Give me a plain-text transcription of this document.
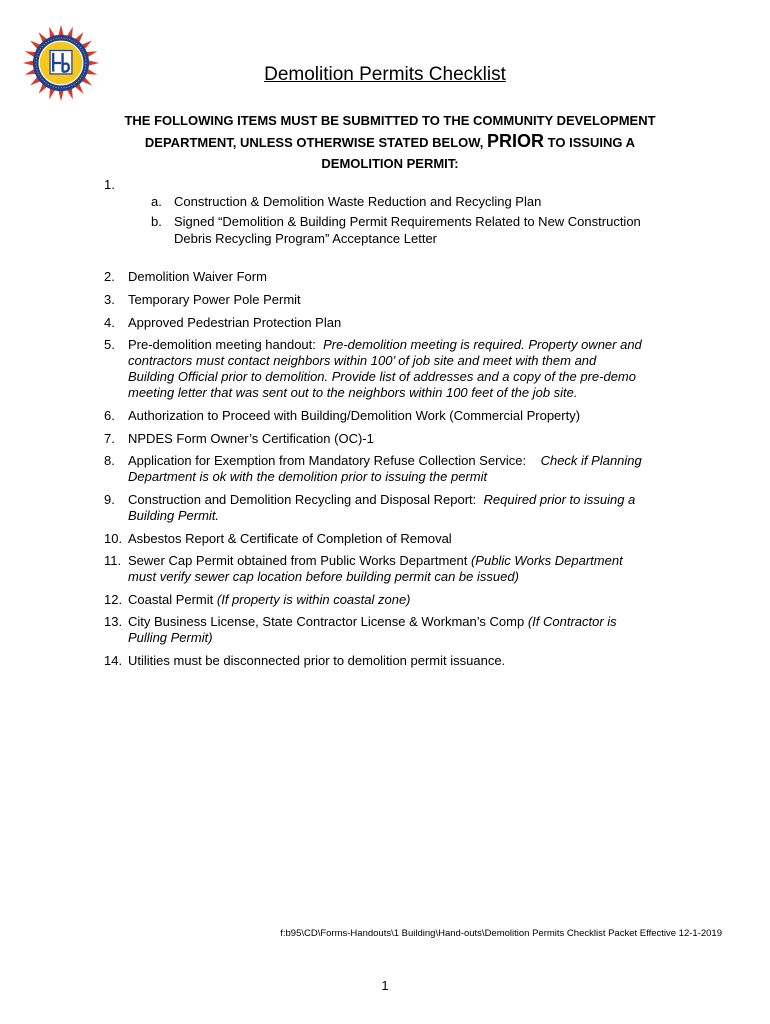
Demolition Permits Checklist
THE FOLLOWING ITEMS MUST BE SUBMITTED TO THE COMMUNITY DEVELOPMENT
DEPARTMENT, UNLESS OTHERWISE STATED BELOW, PRIOR TO ISSUING A
DEMOLITION PERMIT:
1.
a. Construction & Demolition Waste Reduction and Recycling Plan
b. Signed “Demolition & Building Permit Requirements Related to New Construction
Debris Recycling Program” Acceptance Letter
2. Demolition Waiver Form
3. Temporary Power Pole Permit
4. Approved Pedestrian Protection Plan
5. Pre-demolition meeting handout: Pre-demolition meeting is required. Property owner and
contractors must contact neighbors within 100’ of job site and meet with them and
Building Official prior to demolition. Provide list of addresses and a copy of the pre-demo
meeting letter that was sent out to the neighbors within 100 feet of the job site.
6. Authorization to Proceed with Building/Demolition Work (Commercial Property)
7. NPDES Form Owner’s Certification (OC)-1
8. Application for Exemption from Mandatory Refuse Collection Service: Check if Planning
Department is ok with the demolition prior to issuing the permit
9. Construction and Demolition Recycling and Disposal Report: Required prior to issuing a
Building Permit.
10. Asbestos Report & Certificate of Completion of Removal
11. Sewer Cap Permit obtained from Public Works Department (Public Works Department
must verify sewer cap location before building permit can be issued)
12. Coastal Permit (If property is within coastal zone)
13. City Business License, State Contractor License & Workman’s Comp (If Contractor is
Pulling Permit)
14. Utilities must be disconnected prior to demolition permit issuance.
f:b95\CD\Forms-Handouts\1 Building\Hand-outs\Demolition Permits Checklist Packet Effective 12-1-2019
1
